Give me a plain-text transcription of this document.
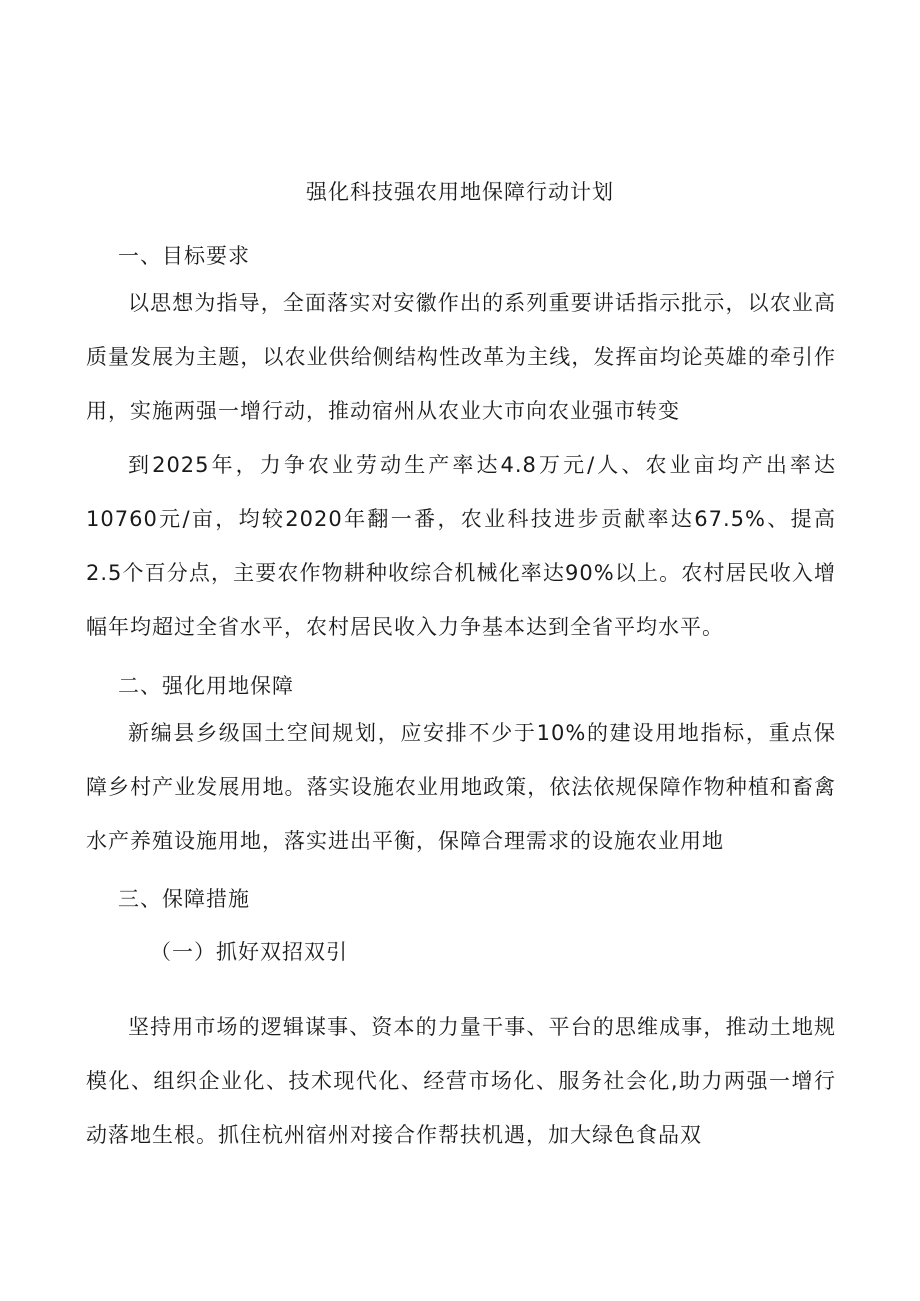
强化科技强农用地保障行动计划
一、目标要求

以思想为指导，全面落实对安徽作出的系列重要讲话指示批示，以农业高质量发展为主题，以农业供给侧结构性改革为主线，发挥亩均论英雄的牵引作用，实施两强一增行动，推动宿州从农业大市向农业强市转变

到2025年，力争农业劳动生产率达4.8万元/人、农业亩均产出率达10760元/亩，均较2020年翻一番，农业科技进步贡献率达67.5%、提高2.5个百分点，主要农作物耕种收综合机械化率达90%以上。农村居民收入增幅年均超过全省水平，农村居民收入力争基本达到全省平均水平。

二、强化用地保障

新编县乡级国土空间规划，应安排不少于10%的建设用地指标，重点保障乡村产业发展用地。落实设施农业用地政策，依法依规保障作物种植和畜禽水产养殖设施用地，落实进出平衡，保障合理需求的设施农业用地

三、保障措施
（一）抓好双招双引

坚持用市场的逻辑谋事、资本的力量干事、平台的思维成事，推动土地规模化、组织企业化、技术现代化、经营市场化、服务社会化,助力两强一增行动落地生根。抓住杭州宿州对接合作帮扶机遇，加大绿色食品双
